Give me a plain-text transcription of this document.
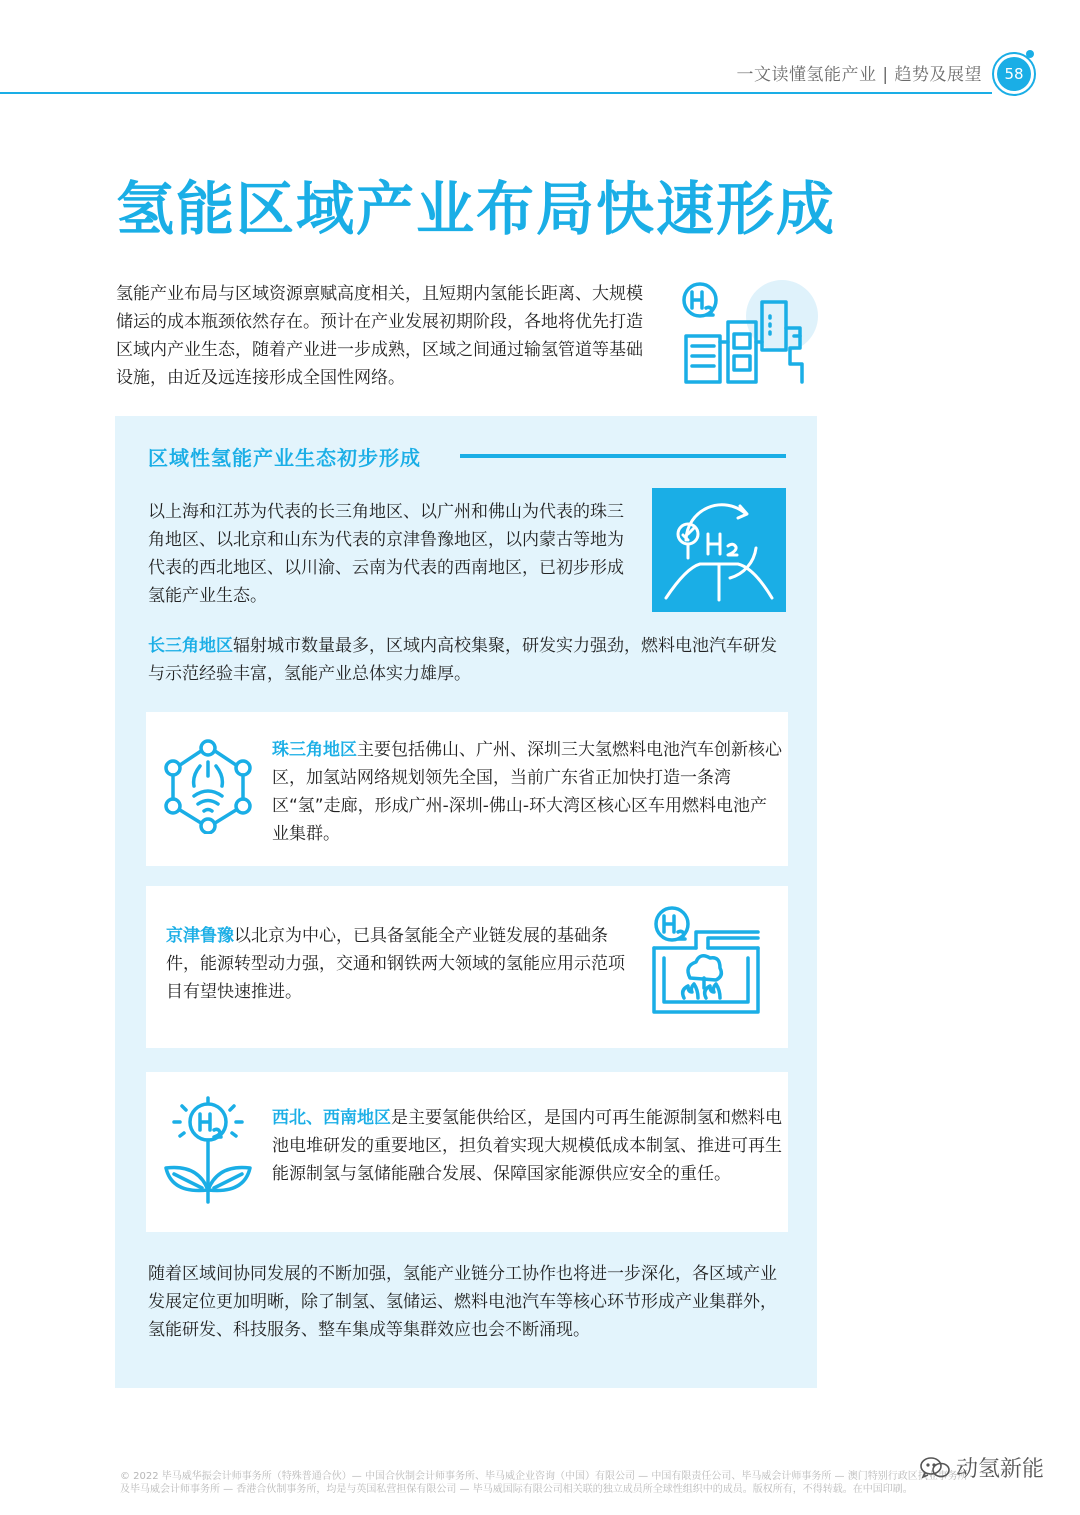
一文读懂氢能产业 | 趋势及展望	58
氢能区域产业布局快速形成

氢能产业布局与区域资源禀赋高度相关，且短期内氢能长距离、大规模储运的成本瓶颈依然存在。预计在产业发展初期阶段，各地将优先打造区域内产业生态，随着产业进一步成熟，区域之间通过输氢管道等基础设施，由近及远连接形成全国性网络。

区域性氢能产业生态初步形成

以上海和江苏为代表的长三角地区、以广州和佛山为代表的珠三角地区、以北京和山东为代表的京津鲁豫地区，以内蒙古等地为代表的西北地区、以川渝、云南为代表的西南地区，已初步形成氢能产业生态。

长三角地区辐射城市数量最多，区域内高校集聚，研发实力强劲，燃料电池汽车研发与示范经验丰富，氢能产业总体实力雄厚。

珠三角地区主要包括佛山、广州、深圳三大氢燃料电池汽车创新核心区，加氢站网络规划领先全国，当前广东省正加快打造一条湾区“氢”走廊，形成广州-深圳-佛山-环大湾区核心区车用燃料电池产业集群。

京津鲁豫以北京为中心，已具备氢能全产业链发展的基础条件，能源转型动力强，交通和钢铁两大领域的氢能应用示范项目有望快速推进。

西北、西南地区是主要氢能供给区，是国内可再生能源制氢和燃料电池电堆研发的重要地区，担负着实现大规模低成本制氢、推进可再生能源制氢与氢储能融合发展、保障国家能源供应安全的重任。

随着区域间协同发展的不断加强，氢能产业链分工协作也将进一步深化，各区域产业发展定位更加明晰，除了制氢、氢储运、燃料电池汽车等核心环节形成产业集群外，氢能研发、科技服务、整车集成等集群效应也会不断涌现。

© 2022 毕马威华振会计师事务所（特殊普通合伙）— 中国合伙制会计师事务所、毕马威企业咨询（中国）有限公司 — 中国有限责任公司、毕马威会计师事务所 — 澳门特别行政区执业事务所及毕马威会计师事务所 — 香港合伙制事务所，均是与英国私营担保有限公司 — 毕马威国际有限公司相关联的独立成员所全球性组织中的成员。版权所有，不得转载。在中国印刷。

动氢新能
